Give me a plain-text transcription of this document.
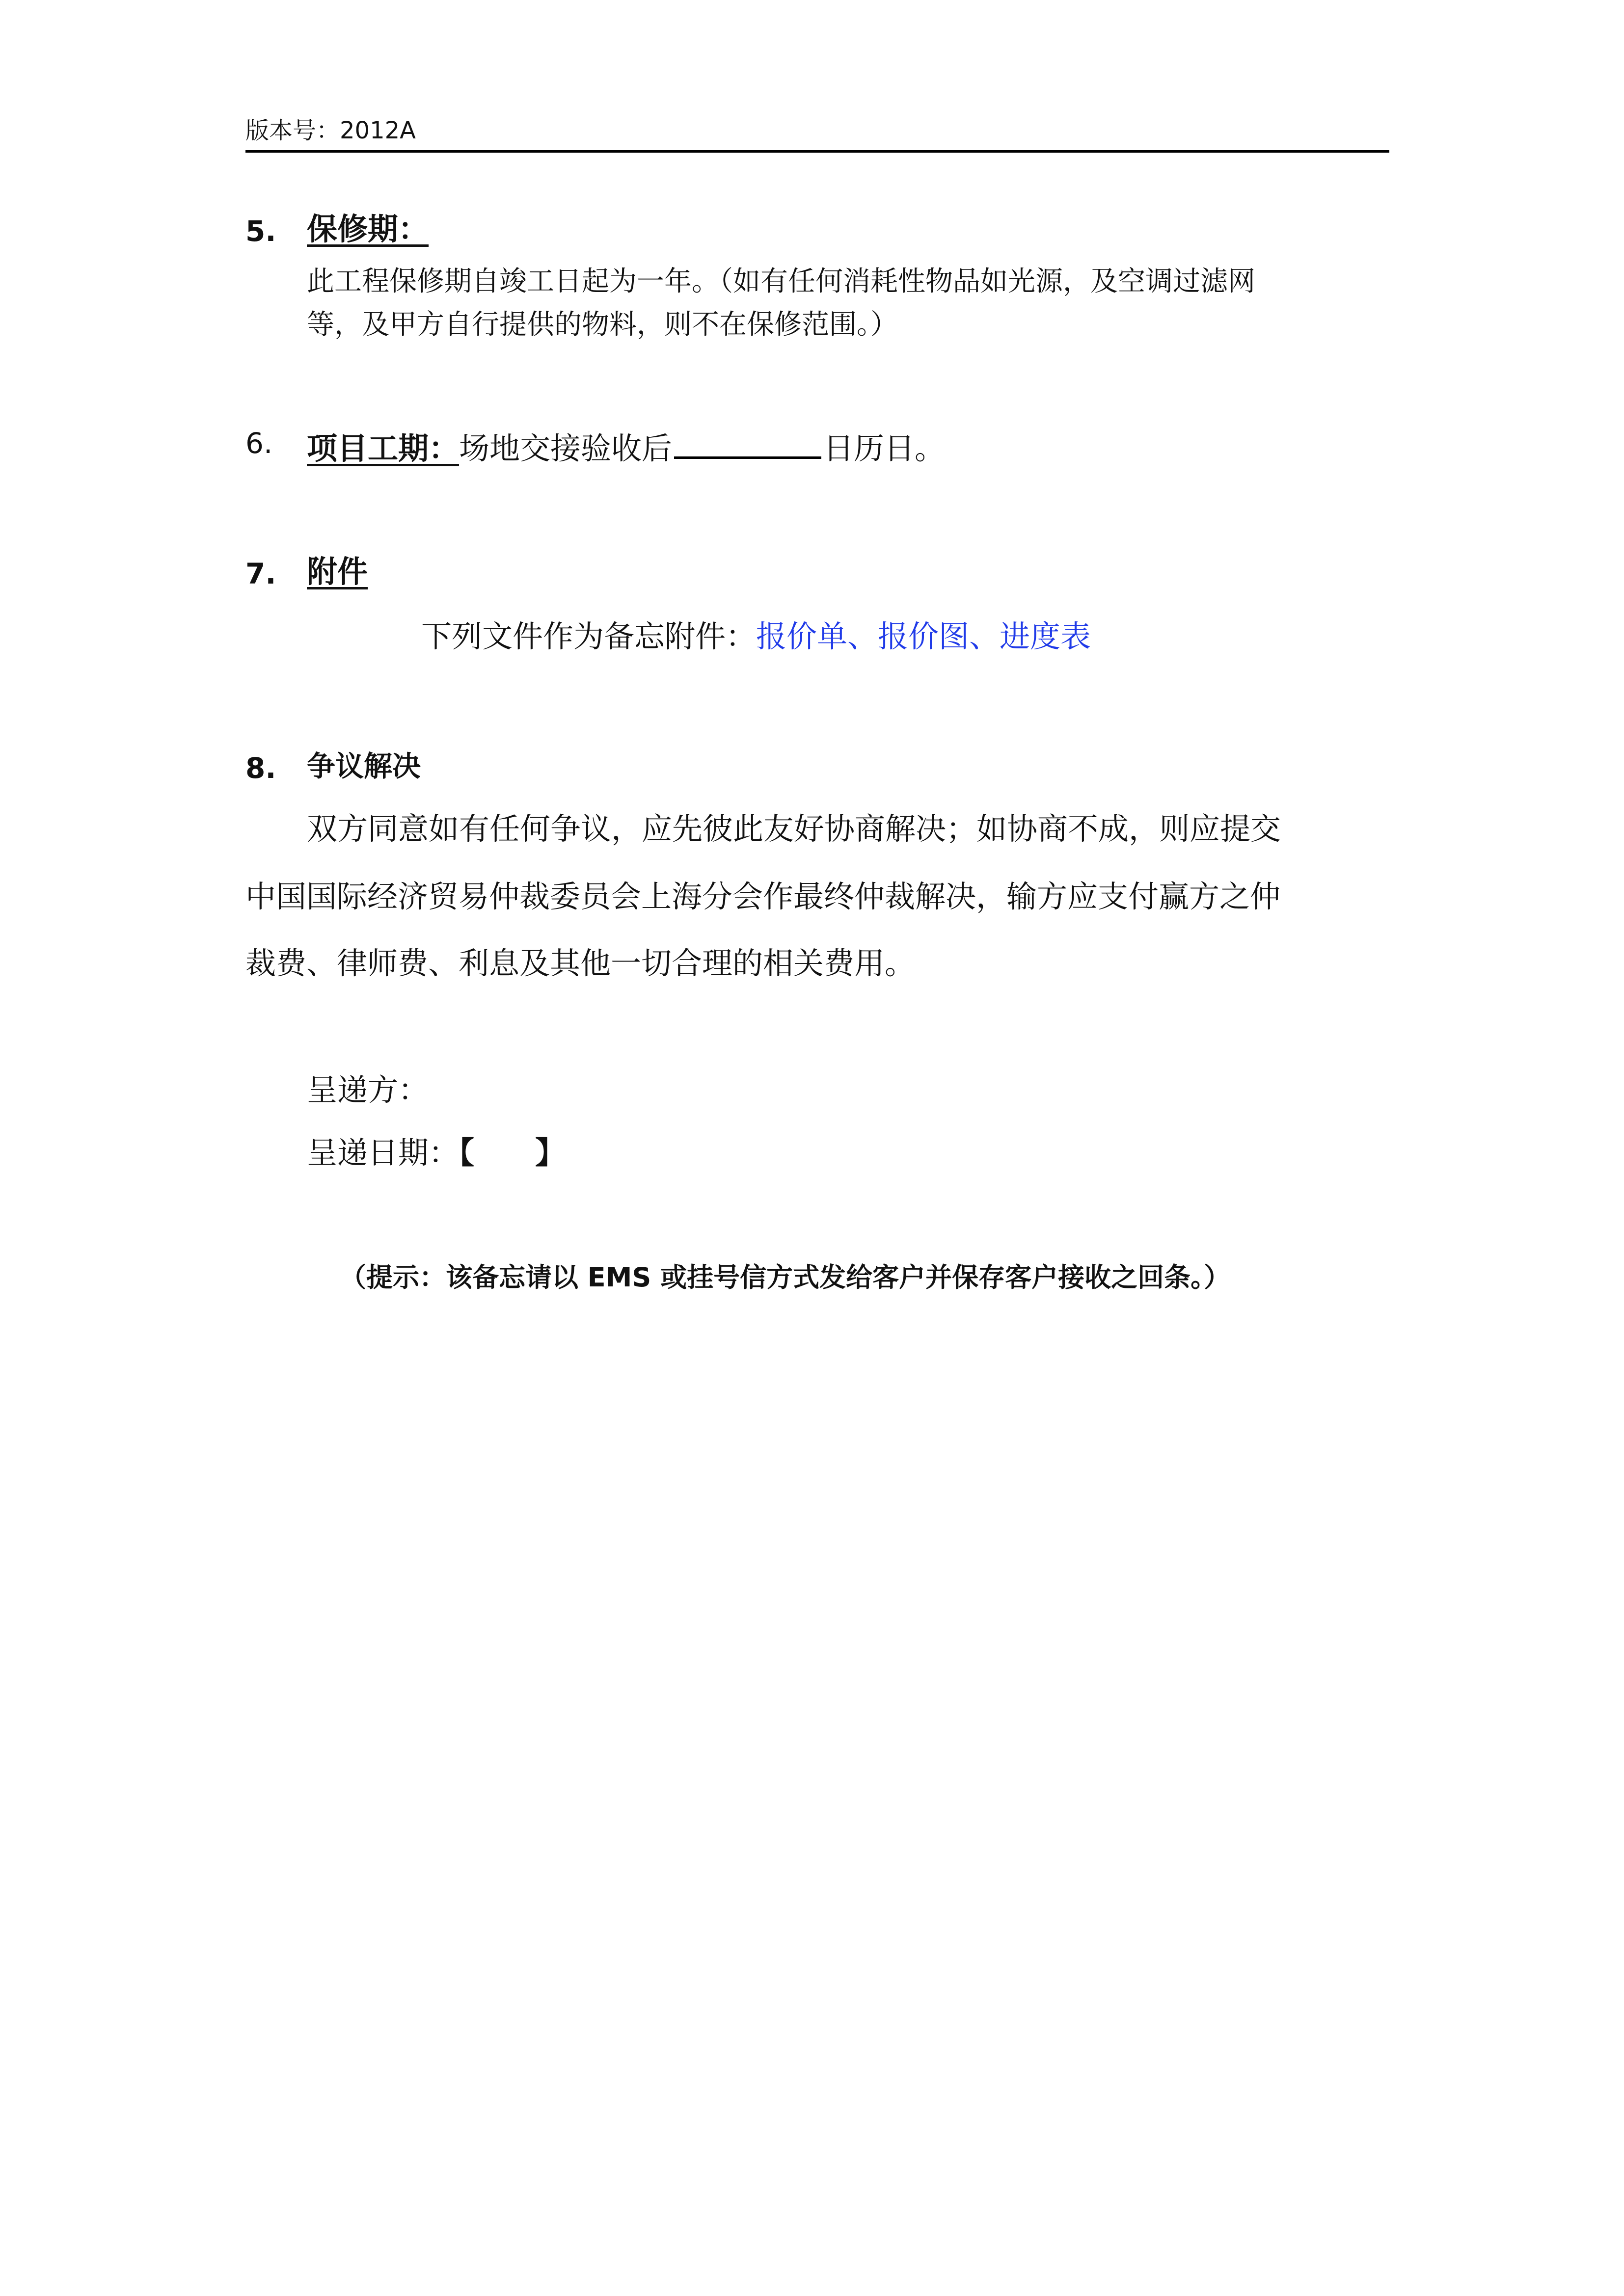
版本号：2012A
5. 保修期：
此工程保修期自竣工日起为一年。（如有任何消耗性物品如光源，及空调过滤网
等，及甲方自行提供的物料，则不在保修范围。）
6. 项目工期：场地交接验收后	日历日。
7. 附件
下列文件作为备忘附件：报价单、报价图、进度表
8. 争议解决
双方同意如有任何争议，应先彼此友好协商解决；如协商不成，则应提交
中国国际经济贸易仲裁委员会上海分会作最终仲裁解决，输方应支付赢方之仲
裁费、律师费、利息及其他一切合理的相关费用。
呈递方：
呈递日期：【　　】
（提示：该备忘请以 EMS 或挂号信方式发给客户并保存客户接收之回条。）
